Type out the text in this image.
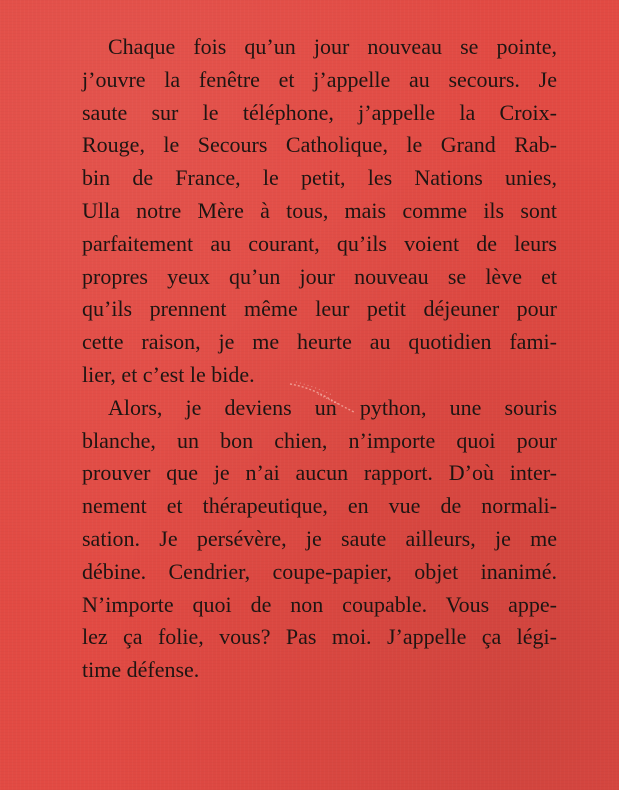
Chaque fois qu’un jour nouveau se pointe,
j’ouvre la fenêtre et j’appelle au secours. Je
saute sur le téléphone, j’appelle la Croix-
Rouge, le Secours Catholique, le Grand Rab-
bin de France, le petit, les Nations unies,
Ulla notre Mère à tous, mais comme ils sont
parfaitement au courant, qu’ils voient de leurs
propres yeux qu’un jour nouveau se lève et
qu’ils prennent même leur petit déjeuner pour
cette raison, je me heurte au quotidien fami-
lier, et c’est le bide.
Alors, je deviens un python, une souris
blanche, un bon chien, n’importe quoi pour
prouver que je n’ai aucun rapport. D’où inter-
nement et thérapeutique, en vue de normali-
sation. Je persévère, je saute ailleurs, je me
débine. Cendrier, coupe-papier, objet inanimé.
N’importe quoi de non coupable. Vous appe-
lez ça folie, vous? Pas moi. J’appelle ça légi-
time défense.
